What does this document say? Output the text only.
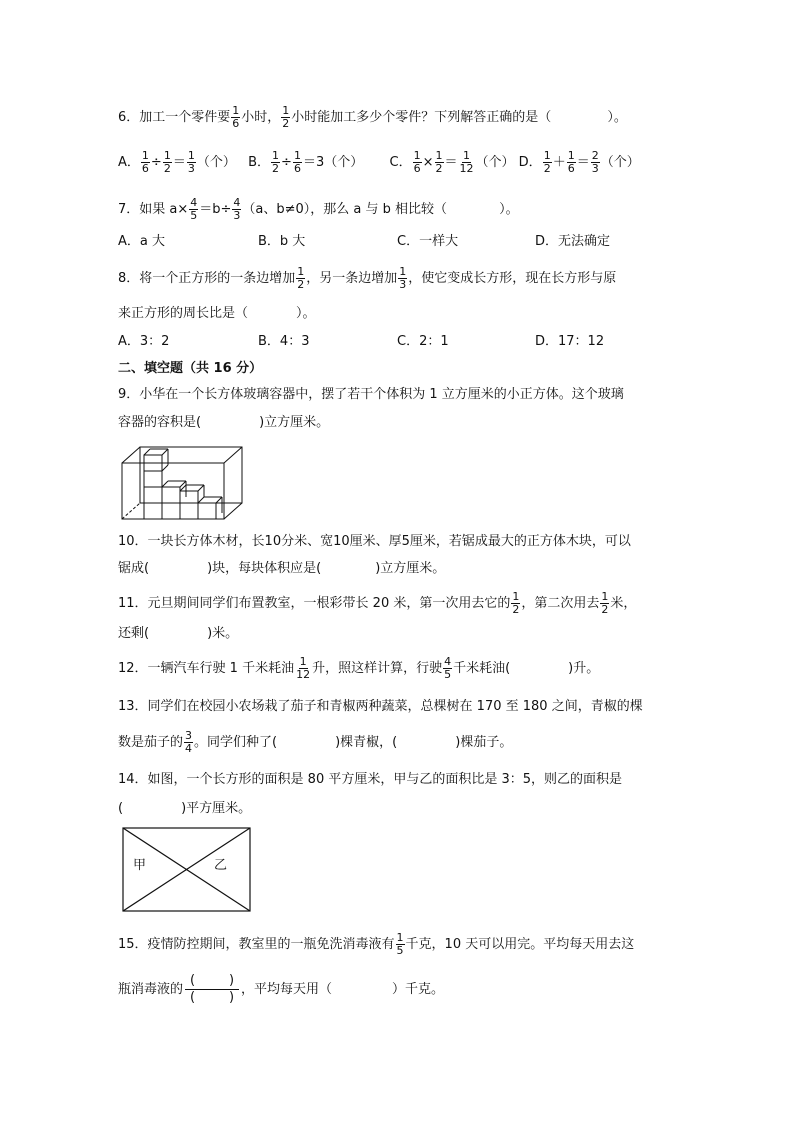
6．加工一个零件要 $\frac{1}{6}$ 小时， $\frac{1}{2}$ 小时能加工多少个零件？下列解答正确的是（	）。
A． $\frac{1}{6} \div \frac{1}{2} = \frac{1}{3}$ （个） B． $\frac{1}{2} \div \frac{1}{6} =3$（个） C． $\frac{1}{6} \times \frac{1}{2} = \frac{1}{12}$ （个） D． $\frac{1}{2} + \frac{1}{6} = \frac{2}{3}$ （个）
7．如果 $a\times \frac{4}{5} =b\div \frac{4}{3} (a$、b≠0），那么 a 与 b 相比较（	）。
A．a 大	B．b 大	C．一样大	D．无法确定
8．将一个正方形的一条边增加 $\frac{1}{2}$ ，另一条边增加 $\frac{1}{3}$ ，使它变成长方形，现在长方形与原
来正方形的周长比是（	）。
A．3：2	B．4：3	C．2：1	D．17：12
二、填空题（共 16 分）
9．小华在一个长方体玻璃容器中，摆了若干个体积为 1 立方厘米的小正方体。这个玻璃
容器的容积是(	)立方厘米。
10．一块长方体木材，长10分米、宽10厘米、厚5厘米，若锯成最大的正方体木块，可以
锯成(	)块，每块体积应是(	)立方厘米。
11．元旦期间同学们布置教室，一根彩带长 20 米，第一次用去它的 $\frac{1}{2}$ ，第二次用去 $\frac{1}{2}$ 米，
还剩(	)米。
12．一辆汽车行驶 1 千米耗油 $\frac{1}{12}$ 升，照这样计算，行驶 $\frac{4}{5}$ 千米耗油(	)升。
13．同学们在校园小农场栽了茄子和青椒两种蔬菜，总棵树在 170 至 180 之间，青椒的棵
数是茄子的 $\frac{3}{4}$ 。同学们种了(	)棵青椒，(	)棵茄子。
14．如图，一个长方形的面积是 80 平方厘米，甲与乙的面积比是 3：5，则乙的面积是
(	)平方厘米。
甲	乙
15．疫情防控期间，教室里的一瓶免洗消毒液有 $\frac{1}{5}$ 千克，10 天可以用完。平均每天用去这
瓶消毒液的
(	)
(	)
，平均每天用（	）千克。
